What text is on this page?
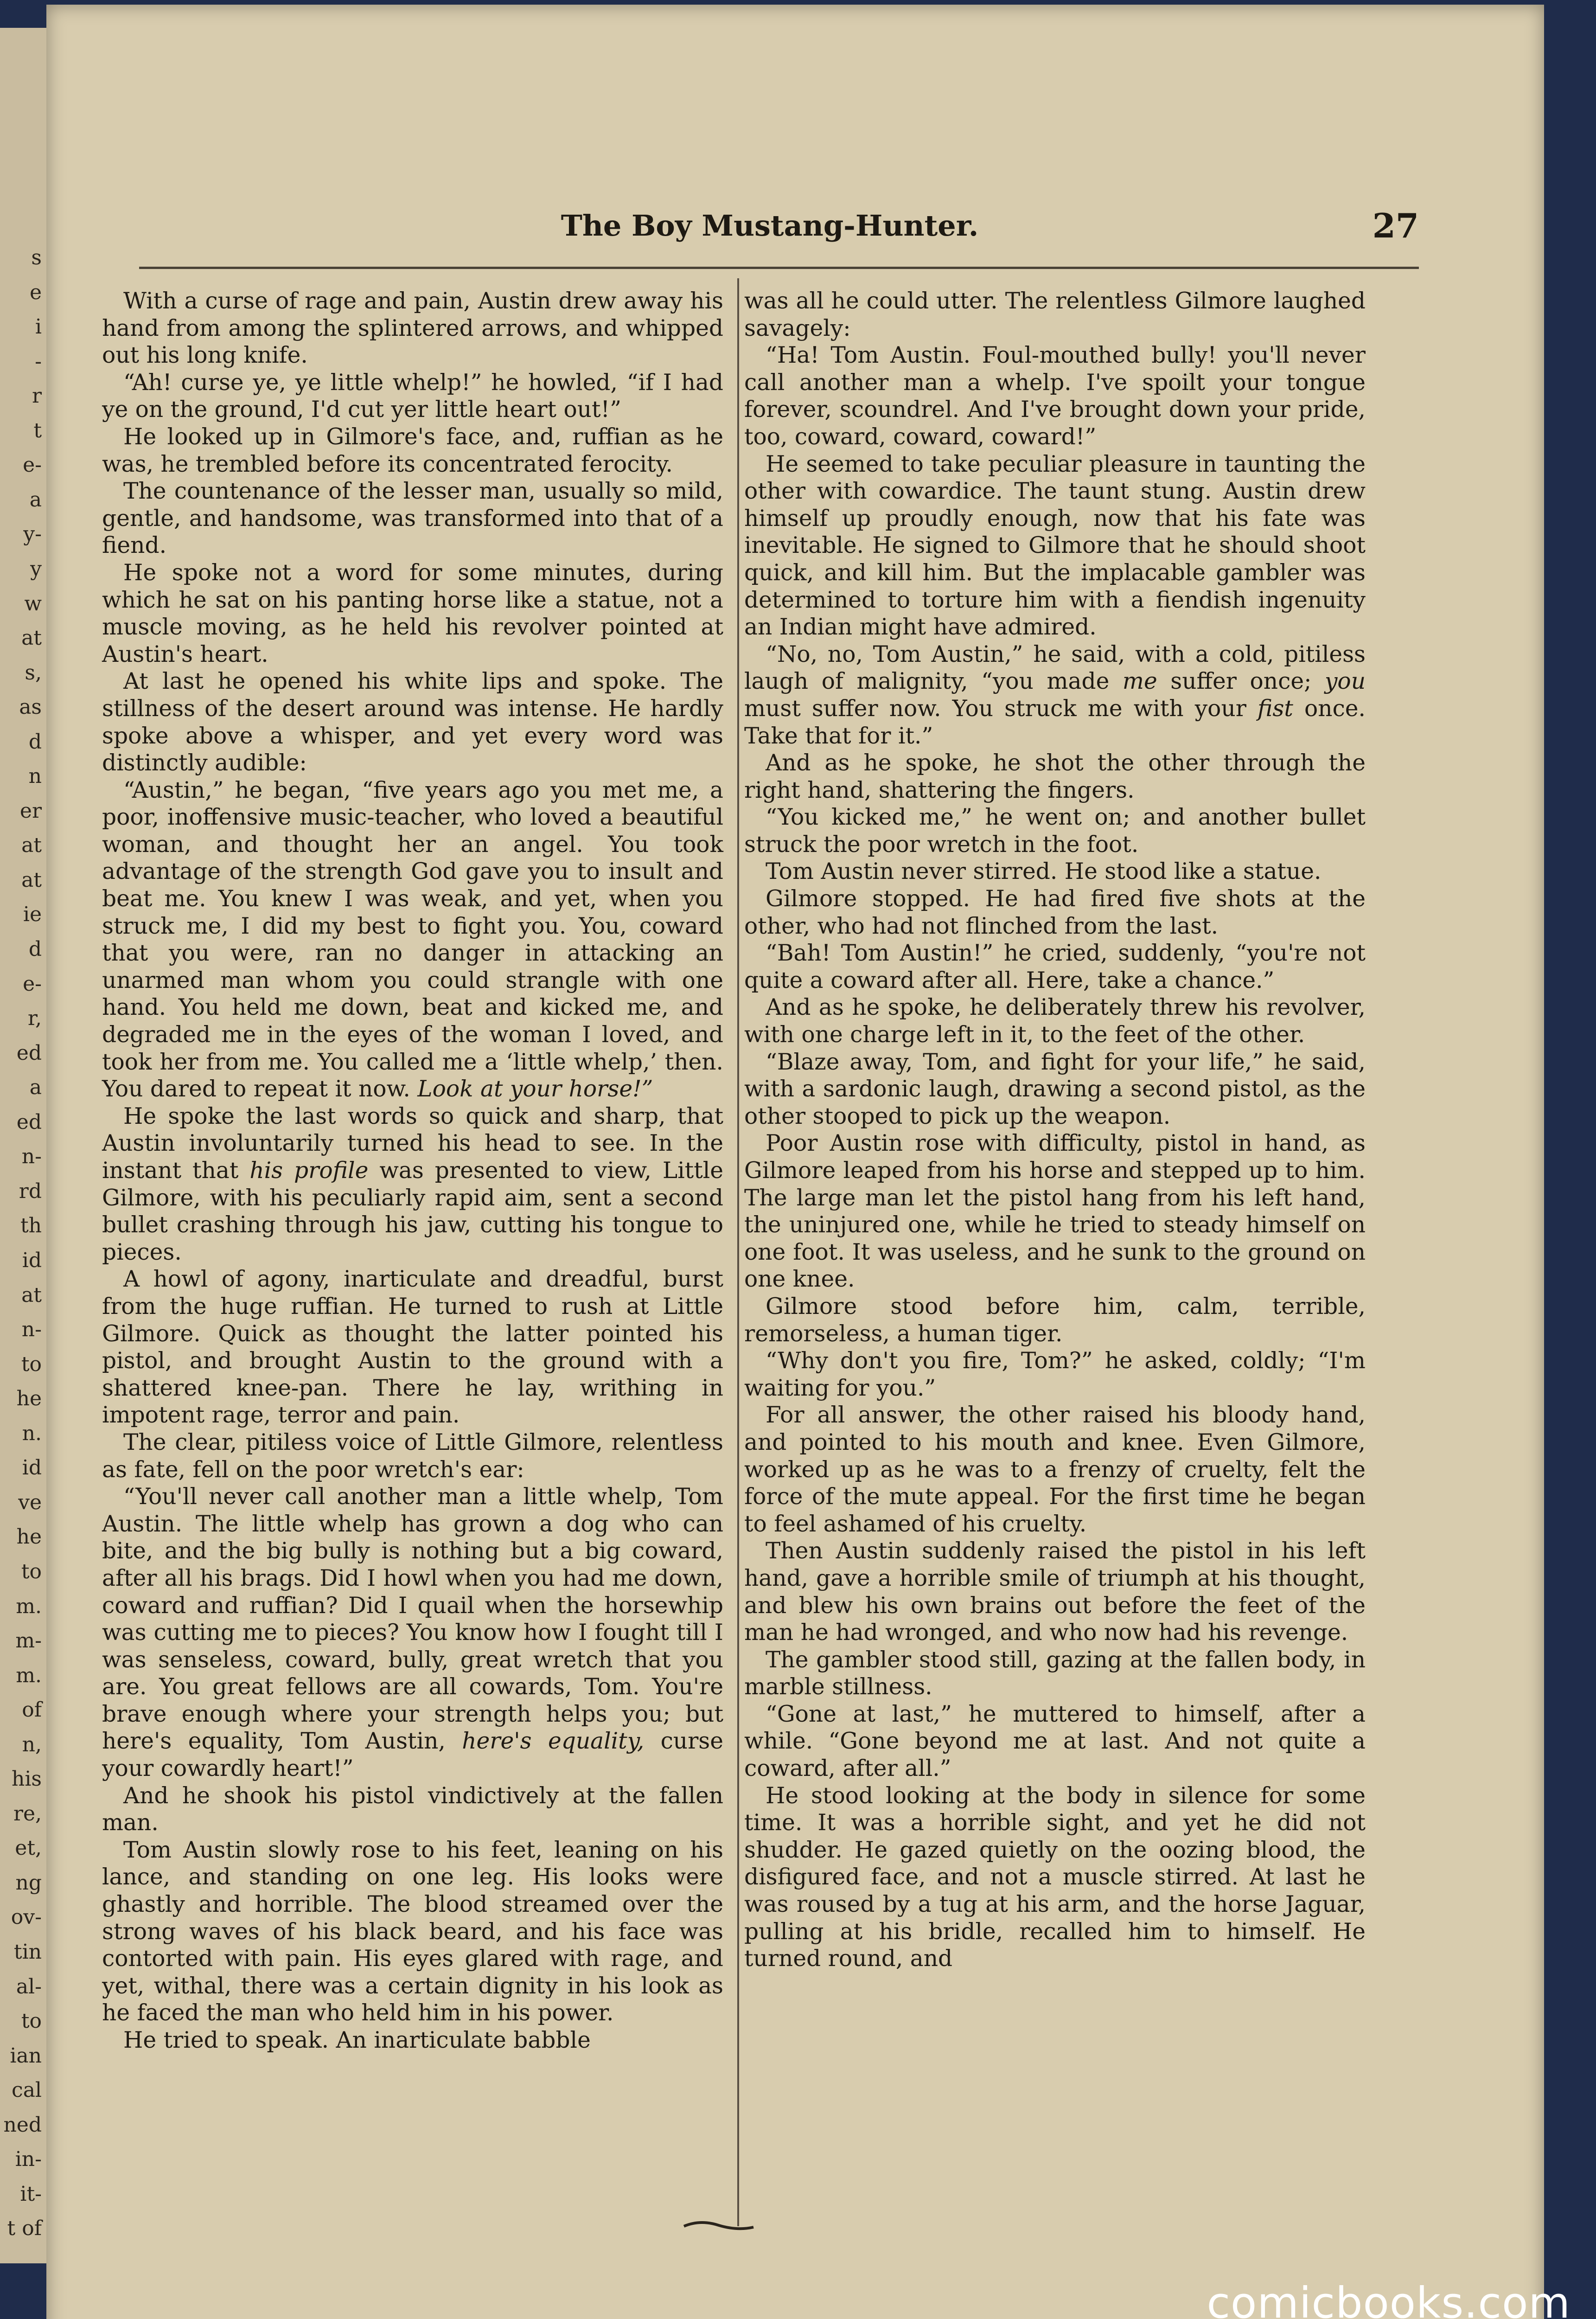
s
e
i
-
r
t
e-
a
y-
y
w
at
s,
as
d
n
er
at
at
ie
d
e-
r,
ed
a
ed
n-
rd
th
id
at
n-
to
he
n.
id
ve
he
to
m.
m-
m.
of
n,
his
re,
et,
ng
ov-
tin
al-
to
ian
cal
ned
in-
it-
t of
The Boy Mustang-Hunter.	27

With a curse of rage and pain, Austin drew away his hand from among the splintered arrows, and whipped out his long knife.

“Ah! curse ye, ye little whelp!” he howled, “if I had ye on the ground, I'd cut yer little heart out!”

He looked up in Gilmore's face, and, ruffian as he was, he trembled before its concentrated ferocity.

The countenance of the lesser man, usually so mild, gentle, and handsome, was transformed into that of a fiend.

He spoke not a word for some minutes, during which he sat on his panting horse like a statue, not a muscle moving, as he held his revolver pointed at Austin's heart.

At last he opened his white lips and spoke. The stillness of the desert around was intense. He hardly spoke above a whisper, and yet every word was distinctly audible:

“Austin,” he began, “five years ago you met me, a poor, inoffensive music-teacher, who loved a beautiful woman, and thought her an angel. You took advantage of the strength God gave you to insult and beat me. You knew I was weak, and yet, when you struck me, I did my best to fight you. You, coward that you were, ran no danger in attacking an unarmed man whom you could strangle with one hand. You held me down, beat and kicked me, and degraded me in the eyes of the woman I loved, and took her from me. You called me a ‘little whelp,’ then. You dared to repeat it now. Look at your horse!”

He spoke the last words so quick and sharp, that Austin involuntarily turned his head to see. In the instant that his profile was presented to view, Little Gilmore, with his peculiarly rapid aim, sent a second bullet crashing through his jaw, cutting his tongue to pieces.

A howl of agony, inarticulate and dreadful, burst from the huge ruffian. He turned to rush at Little Gilmore. Quick as thought the latter pointed his pistol, and brought Austin to the ground with a shattered knee-pan. There he lay, writhing in impotent rage, terror and pain.

The clear, pitiless voice of Little Gilmore, relentless as fate, fell on the poor wretch's ear:

“You'll never call another man a little whelp, Tom Austin. The little whelp has grown a dog who can bite, and the big bully is nothing but a big coward, after all his brags. Did I howl when you had me down, coward and ruffian? Did I quail when the horsewhip was cutting me to pieces? You know how I fought till I was senseless, coward, bully, great wretch that you are. You great fellows are all cowards, Tom. You're brave enough where your strength helps you; but here's equality, Tom Austin, here's equality, curse your cowardly heart!”

And he shook his pistol vindictively at the fallen man.

Tom Austin slowly rose to his feet, leaning on his lance, and standing on one leg. His looks were ghastly and horrible. The blood streamed over the strong waves of his black beard, and his face was contorted with pain. His eyes glared with rage, and yet, withal, there was a certain dignity in his look as he faced the man who held him in his power.

He tried to speak. An inarticulate babble

was all he could utter. The relentless Gilmore laughed savagely:

“Ha! Tom Austin. Foul-mouthed bully! you'll never call another man a whelp. I've spoilt your tongue forever, scoundrel. And I've brought down your pride, too, coward, coward, coward!”

He seemed to take peculiar pleasure in taunting the other with cowardice. The taunt stung. Austin drew himself up proudly enough, now that his fate was inevitable. He signed to Gilmore that he should shoot quick, and kill him. But the implacable gambler was determined to torture him with a fiendish ingenuity an Indian might have admired.

“No, no, Tom Austin,” he said, with a cold, pitiless laugh of malignity, “you made me suffer once; you must suffer now. You struck me with your fist once. Take that for it.”

And as he spoke, he shot the other through the right hand, shattering the fingers.

“You kicked me,” he went on; and another bullet struck the poor wretch in the foot.

Tom Austin never stirred. He stood like a statue.

Gilmore stopped. He had fired five shots at the other, who had not flinched from the last.

“Bah! Tom Austin!” he cried, suddenly, “you're not quite a coward after all. Here, take a chance.”

And as he spoke, he deliberately threw his revolver, with one charge left in it, to the feet of the other.

“Blaze away, Tom, and fight for your life,” he said, with a sardonic laugh, drawing a second pistol, as the other stooped to pick up the weapon.

Poor Austin rose with difficulty, pistol in hand, as Gilmore leaped from his horse and stepped up to him. The large man let the pistol hang from his left hand, the uninjured one, while he tried to steady himself on one foot. It was useless, and he sunk to the ground on one knee.

Gilmore stood before him, calm, terrible, remorseless, a human tiger.

“Why don't you fire, Tom?” he asked, coldly; “I'm waiting for you.”

For all answer, the other raised his bloody hand, and pointed to his mouth and knee. Even Gilmore, worked up as he was to a frenzy of cruelty, felt the force of the mute appeal. For the first time he began to feel ashamed of his cruelty.

Then Austin suddenly raised the pistol in his left hand, gave a horrible smile of triumph at his thought, and blew his own brains out before the feet of the man he had wronged, and who now had his revenge.

The gambler stood still, gazing at the fallen body, in marble stillness.

“Gone at last,” he muttered to himself, after a while. “Gone beyond me at last. And not quite a coward, after all.”

He stood looking at the body in silence for some time. It was a horrible sight, and yet he did not shudder. He gazed quietly on the oozing blood, the disfigured face, and not a muscle stirred. At last he was roused by a tug at his arm, and the horse Jaguar, pulling at his bridle, recalled him to himself. He turned round, and

comicbooks.com
